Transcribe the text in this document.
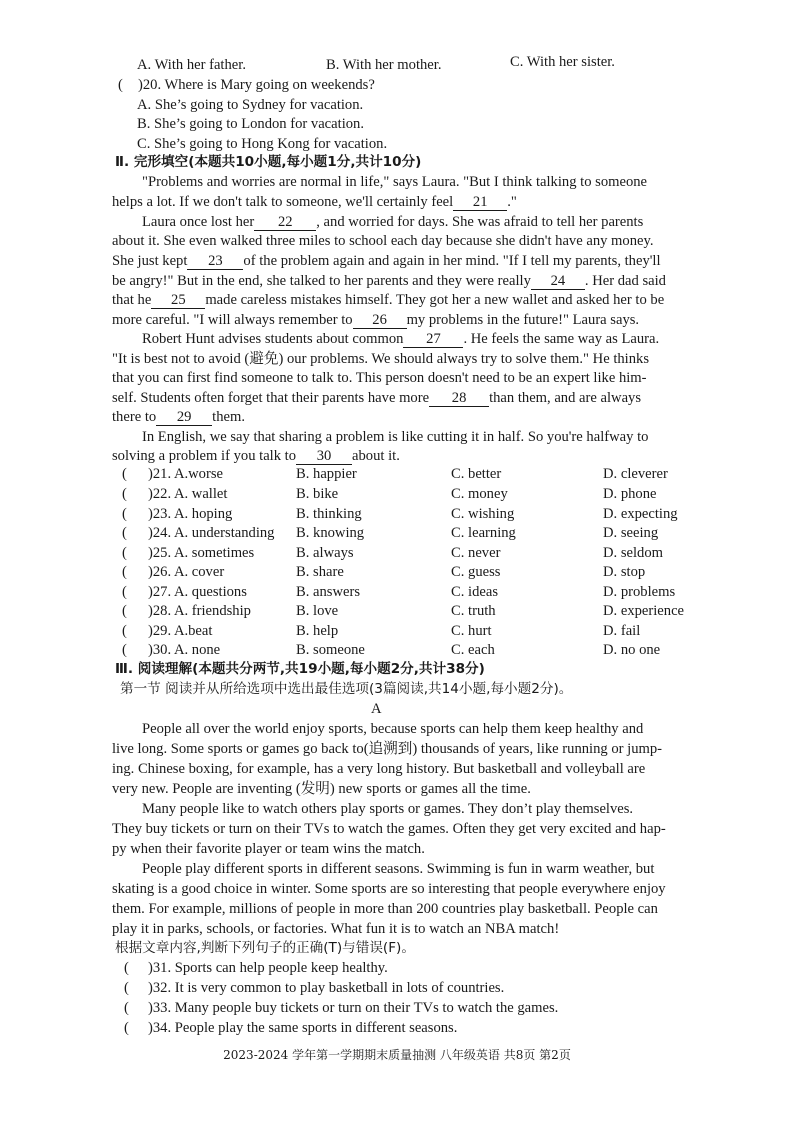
A. With her father.	B. With her mother.	C. With her sister.
( )20. Where is Mary going on weekends?
A. She’s going to Sydney for vacation.
B. She’s going to London for vacation.
C. She’s going to Hong Kong for vacation.
Ⅱ. 完形填空(本题共10小题,每小题1分,共计10分)
"Problems and worries are normal in life," says Laura. "But I think talking to someone
helps a lot. If we don't talk to someone, we'll certainly feel 21 ."
Laura once lost her 22 , and worried for days. She was afraid to tell her parents
about it. She even walked three miles to school each day because she didn't have any money.
She just kept 23 of the problem again and again in her mind. "If I tell my parents, they'll
be angry!" But in the end, she talked to her parents and they were really 24 . Her dad said
that he 25 made careless mistakes himself. They got her a new wallet and asked her to be
more careful. "I will always remember to 26 my problems in the future!" Laura says.
Robert Hunt advises students about common 27 . He feels the same way as Laura.
"It is best not to avoid (避免) our problems. We should always try to solve them." He thinks
that you can first find someone to talk to. This person doesn't need to be an expert like him-
self. Students often forget that their parents have more 28 than them, and are always
there to 29 them.
In English, we say that sharing a problem is like cutting it in half. So you're halfway to
solving a problem if you talk to 30 about it.
( )21. A.worse	B. happier	C. better	D. cleverer
( )22. A. wallet	B. bike	C. money	D. phone
( )23. A. hoping	B. thinking	C. wishing	D. expecting
( )24. A. understanding B. knowing	C. learning	D. seeing
( )25. A. sometimes	B. always	C. never	D. seldom
( )26. A. cover	B. share	C. guess	D. stop
( )27. A. questions	B. answers	C. ideas	D. problems
( )28. A. friendship	B. love	C. truth	D. experience
( )29. A.beat	B. help	C. hurt	D. fail
( )30. A. none	B. someone	C. each	D. no one
Ⅲ. 阅读理解(本题共分两节,共19小题,每小题2分,共计38分)
第一节 阅读并从所给选项中选出最佳选项(3篇阅读,共14小题,每小题2分)。
A
People all over the world enjoy sports, because sports can help them keep healthy and
live long. Some sports or games go back to(追溯到) thousands of years, like running or jump-
ing. Chinese boxing, for example, has a very long history. But basketball and volleyball are
very new. People are inventing (发明) new sports or games all the time.
Many people like to watch others play sports or games. They don’t play themselves.
They buy tickets or turn on their TVs to watch the games. Often they get very excited and hap-
py when their favorite player or team wins the match.
People play different sports in different seasons. Swimming is fun in warm weather, but
skating is a good choice in winter. Some sports are so interesting that people everywhere enjoy
them. For example, millions of people in more than 200 countries play basketball. People can
play it in parks, schools, or factories. What fun it is to watch an NBA match!
根据文章内容,判断下列句子的正确(T)与错误(F)。
( )31. Sports can help people keep healthy.
( )32. It is very common to play basketball in lots of countries.
( )33. Many people buy tickets or turn on their TVs to watch the games.
( )34. People play the same sports in different seasons.
2023-2024 学年第一学期期末质量抽测 八年级英语 共8页 第2页
